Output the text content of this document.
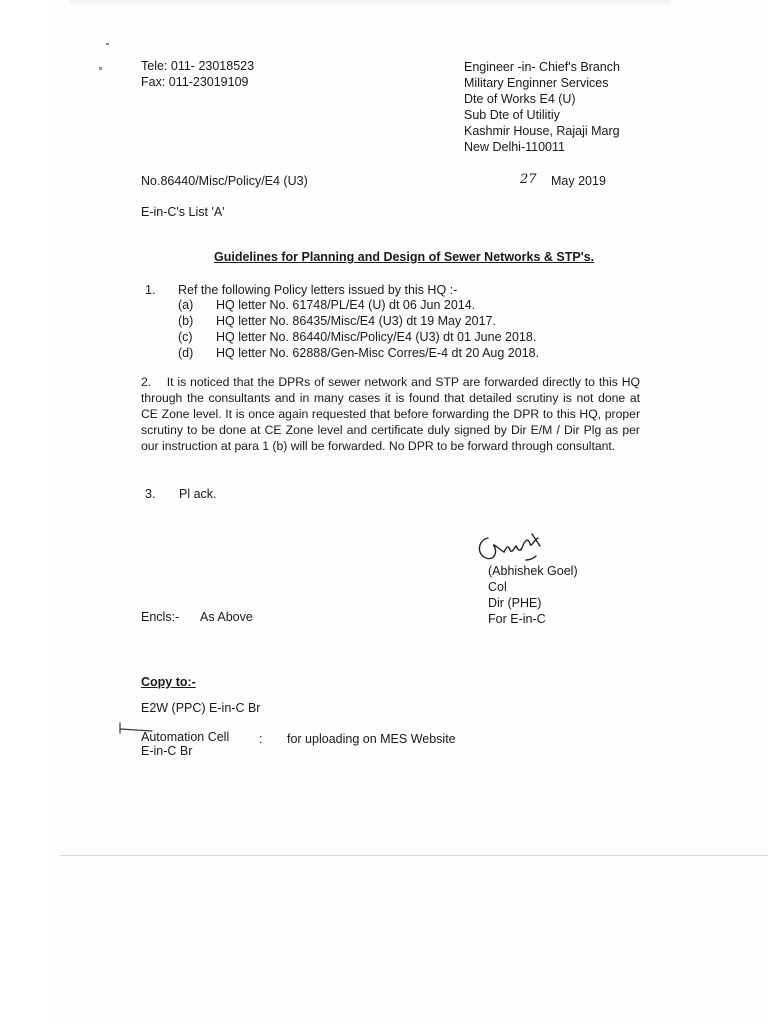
Tele: 011- 23018523
Fax: 011-23019109
Engineer -in- Chief's Branch
Military Enginner Services
Dte of Works E4 (U)
Sub Dte of Utilitiy
Kashmir House, Rajaji Marg
New Delhi-110011
No.86440/Misc/Policy/E4 (U3)	27 May 2019
E-in-C's List 'A'
Guidelines for Planning and Design of Sewer Networks & STP's.
1. Ref the following Policy letters issued by this HQ :-
(a) HQ letter No. 61748/PL/E4 (U) dt 06 Jun 2014.
(b) HQ letter No. 86435/Misc/E4 (U3) dt 19 May 2017.
(c) HQ letter No. 86440/Misc/Policy/E4 (U3) dt 01 June 2018.
(d) HQ letter No. 62888/Gen-Misc Corres/E-4 dt 20 Aug 2018.
2. It is noticed that the DPRs of sewer network and STP are forwarded directly to this HQ through the consultants and in many cases it is found that detailed scrutiny is not done at CE Zone level. It is once again requested that before forwarding the DPR to this HQ, proper scrutiny to be done at CE Zone level and certificate duly signed by Dir E/M / Dir Plg as per our instruction at para 1 (b) will be forwarded. No DPR to be forward through consultant.
3. Pl ack.
(Abhishek Goel)
Col
Dir (PHE)
For E-in-C
Encls:- As Above
Copy to:-
E2W (PPC) E-in-C Br
Automation Cell
E-in-C Br
: for uploading on MES Website
